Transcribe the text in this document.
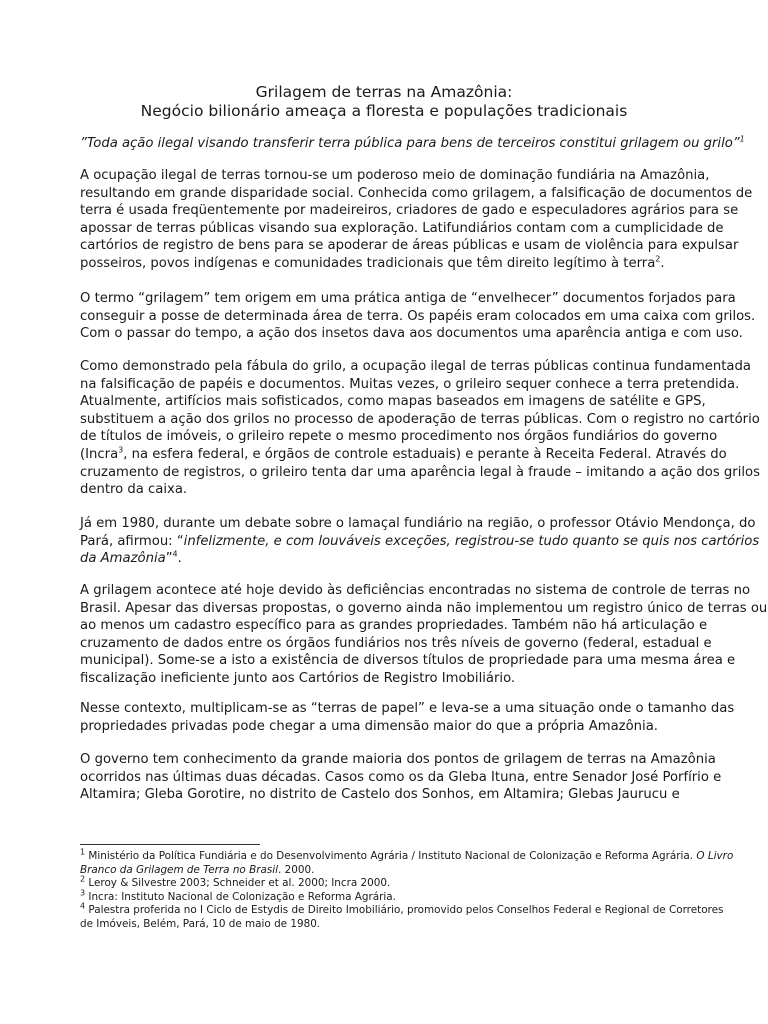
Grilagem de terras na Amazônia:

Negócio bilionário ameaça a floresta e populações tradicionais

”Toda ação ilegal visando transferir terra pública para bens de terceiros constitui grilagem ou grilo”$^1$

A ocupação ilegal de terras tornou-se um poderoso meio de dominação fundiária na Amazônia,
resultando em grande disparidade social. Conhecida como grilagem, a falsificação de documentos de
terra é usada freqüentemente por madeireiros, criadores de gado e especuladores agrários para se
apossar de terras públicas visando sua exploração. Latifundiários contam com a cumplicidade de
cartórios de registro de bens para se apoderar de áreas públicas e usam de violência para expulsar
posseiros, povos indígenas e comunidades tradicionais que têm direito legítimo à terra$^2$.
O termo “grilagem” tem origem em uma prática antiga de “envelhecer” documentos forjados para
conseguir a posse de determinada área de terra. Os papéis eram colocados em uma caixa com grilos.
Com o passar do tempo, a ação dos insetos dava aos documentos uma aparência antiga e com uso.
Como demonstrado pela fábula do grilo, a ocupação ilegal de terras públicas continua fundamentada
na falsificação de papéis e documentos. Muitas vezes, o grileiro sequer conhece a terra pretendida.
Atualmente, artifícios mais sofisticados, como mapas baseados em imagens de satélite e GPS,
substituem a ação dos grilos no processo de apoderação de terras públicas. Com o registro no cartório
de títulos de imóveis, o grileiro repete o mesmo procedimento nos órgãos fundiários do governo
(Incra$^3$, na esfera federal, e órgãos de controle estaduais) e perante à Receita Federal. Através do
cruzamento de registros, o grileiro tenta dar uma aparência legal à fraude – imitando a ação dos grilos
dentro da caixa.
Já em 1980, durante um debate sobre o lamaçal fundiário na região, o professor Otávio Mendonça, do
Pará, afirmou: “infelizmente, e com louváveis exceções, registrou-se tudo quanto se quis nos cartórios
da Amazônia”$^4$.
A grilagem acontece até hoje devido às deficiências encontradas no sistema de controle de terras no
Brasil. Apesar das diversas propostas, o governo ainda não implementou um registro único de terras ou
ao menos um cadastro específico para as grandes propriedades. Também não há articulação e
cruzamento de dados entre os órgãos fundiários nos três níveis de governo (federal, estadual e
municipal). Some-se a isto a existência de diversos títulos de propriedade para uma mesma área e
fiscalização ineficiente junto aos Cartórios de Registro Imobiliário.
Nesse contexto, multiplicam-se as “terras de papel” e leva-se a uma situação onde o tamanho das
propriedades privadas pode chegar a uma dimensão maior do que a própria Amazônia.
O governo tem conhecimento da grande maioria dos pontos de grilagem de terras na Amazônia
ocorridos nas últimas duas décadas. Casos como os da Gleba Ituna, entre Senador José Porfírio e
Altamira; Gleba Gorotire, no distrito de Castelo dos Sonhos, em Altamira; Glebas Jaurucu e
$^1$ Ministério da Política Fundiária e do Desenvolvimento Agrária / Instituto Nacional de Colonização e Reforma Agrária. O Livro
Branco da Grilagem de Terra no Brasil. 2000.
$^2$ Leroy & Silvestre 2003; Schneider et al. 2000; Incra 2000.
$^3$ Incra: Instituto Nacional de Colonização e Reforma Agrária.
$^4$ Palestra proferida no I Ciclo de Estydis de Direito Imobiliário, promovido pelos Conselhos Federal e Regional de Corretores
de Imóveis, Belém, Pará, 10 de maio de 1980.
